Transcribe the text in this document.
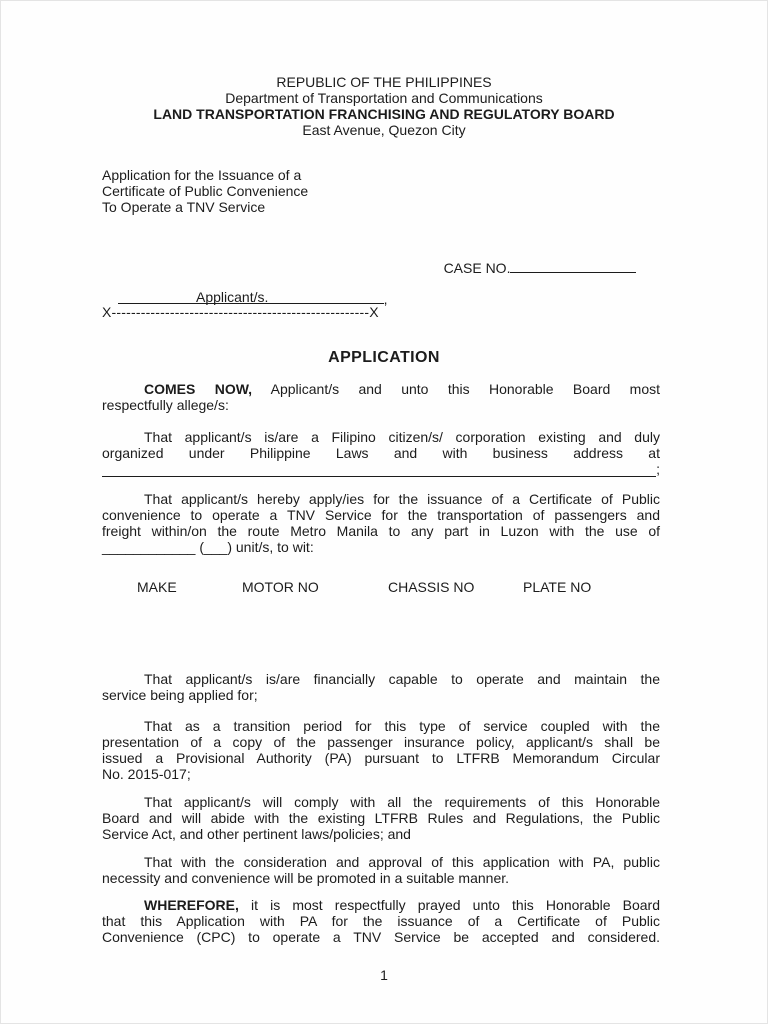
REPUBLIC OF THE PHILIPPINES
Department of Transportation and Communications
LAND TRANSPORTATION FRANCHISING AND REGULATORY BOARD
East Avenue, Quezon City
Application for the Issuance of a
Certificate of Public Convenience
To Operate a TNV Service

CASE NO.

,

Applicant/s.
X-----------------------------------------------------X
APPLICATION
COMES NOW, Applicant/s and unto this Honorable Board most
respectfully allege/s:
That applicant/s is/are a Filipino citizen/s/ corporation existing and duly
organized under Philippine Laws and with business address at
;
That applicant/s hereby apply/ies for the issuance of a Certificate of Public
convenience to operate a TNV Service for the transportation of passengers and
freight within/on the route Metro Manila to any part in Luzon with the use of
____________ (___) unit/s, to wit:
MAKE	MOTOR NO	CHASSIS NO	PLATE NO
That applicant/s is/are financially capable to operate and maintain the
service being applied for;
That as a transition period for this type of service coupled with the
presentation of a copy of the passenger insurance policy, applicant/s shall be
issued a Provisional Authority (PA) pursuant to LTFRB Memorandum Circular
No. 2015-017;
That applicant/s will comply with all the requirements of this Honorable
Board and will abide with the existing LTFRB Rules and Regulations, the Public
Service Act, and other pertinent laws/policies; and
That with the consideration and approval of this application with PA, public
necessity and convenience will be promoted in a suitable manner.
WHEREFORE, it is most respectfully prayed unto this Honorable Board
that this Application with PA for the issuance of a Certificate of Public
Convenience (CPC) to operate a TNV Service be accepted and considered.
1
